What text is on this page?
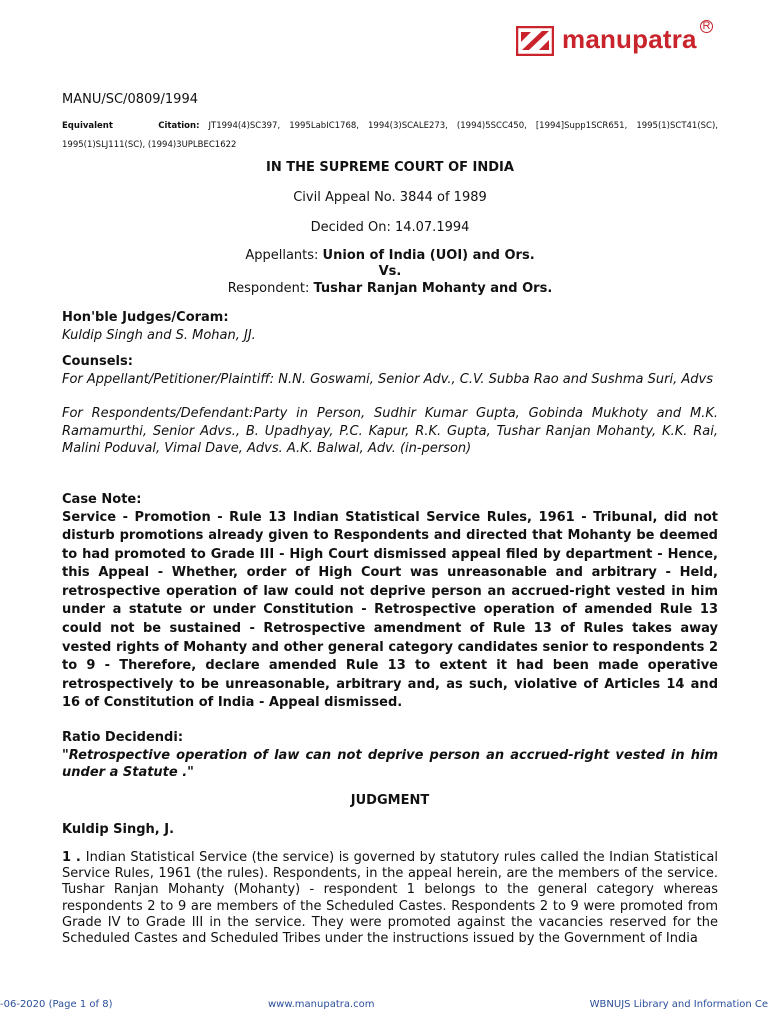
manupatra R
MANU/SC/0809/1994
Equivalent	Citation: JT1994(4)SC397, 1995LabIC1768, 1994(3)SCALE273, (1994)5SCC450, [1994]Supp1SCR651, 1995(1)SCT41(SC), 1995(1)SLJ111(SC), (1994)3UPLBEC1622
IN THE SUPREME COURT OF INDIA
Civil Appeal No. 3844 of 1989
Decided On: 14.07.1994
Appellants: Union of India (UOI) and Ors.
Vs.
Respondent: Tushar Ranjan Mohanty and Ors.
Hon'ble Judges/Coram:
Kuldip Singh and S. Mohan, JJ.
Counsels:
For Appellant/Petitioner/Plaintiff: N.N. Goswami, Senior Adv., C.V. Subba Rao and Sushma Suri, Advs
For Respondents/Defendant:Party in Person, Sudhir Kumar Gupta, Gobinda Mukhoty and M.K. Ramamurthi, Senior Advs., B. Upadhyay, P.C. Kapur, R.K. Gupta, Tushar Ranjan Mohanty, K.K. Rai, Malini Poduval, Vimal Dave, Advs. A.K. Balwal, Adv. (in-person)
Case Note:
Service - Promotion - Rule 13 Indian Statistical Service Rules, 1961 - Tribunal, did not disturb promotions already given to Respondents and directed that Mohanty be deemed to had promoted to Grade III - High Court dismissed appeal filed by department - Hence, this Appeal - Whether, order of High Court was unreasonable and arbitrary - Held, retrospective operation of law could not deprive person an accrued-right vested in him under a statute or under Constitution - Retrospective operation of amended Rule 13 could not be sustained - Retrospective amendment of Rule 13 of Rules takes away vested rights of Mohanty and other general category candidates senior to respondents 2 to 9 - Therefore, declare amended Rule 13 to extent it had been made operative retrospectively to be unreasonable, arbitrary and, as such, violative of Articles 14 and 16 of Constitution of India - Appeal dismissed.
Ratio Decidendi:
"Retrospective operation of law can not deprive person an accrued-right vested in him under a Statute ."
JUDGMENT
Kuldip Singh, J.
1 . Indian Statistical Service (the service) is governed by statutory rules called the Indian Statistical Service Rules, 1961 (the rules). Respondents, in the appeal herein, are the members of the service. Tushar Ranjan Mohanty (Mohanty) - respondent 1 belongs to the general category whereas respondents 2 to 9 are members of the Scheduled Castes. Respondents 2 to 9 were promoted from Grade IV to Grade III in the service. They were promoted against the vacancies reserved for the Scheduled Castes and Scheduled Tribes under the instructions issued by the Government of India
-06-2020 (Page 1 of 8)	www.manupatra.com	WBNUJS Library and Information Ce
